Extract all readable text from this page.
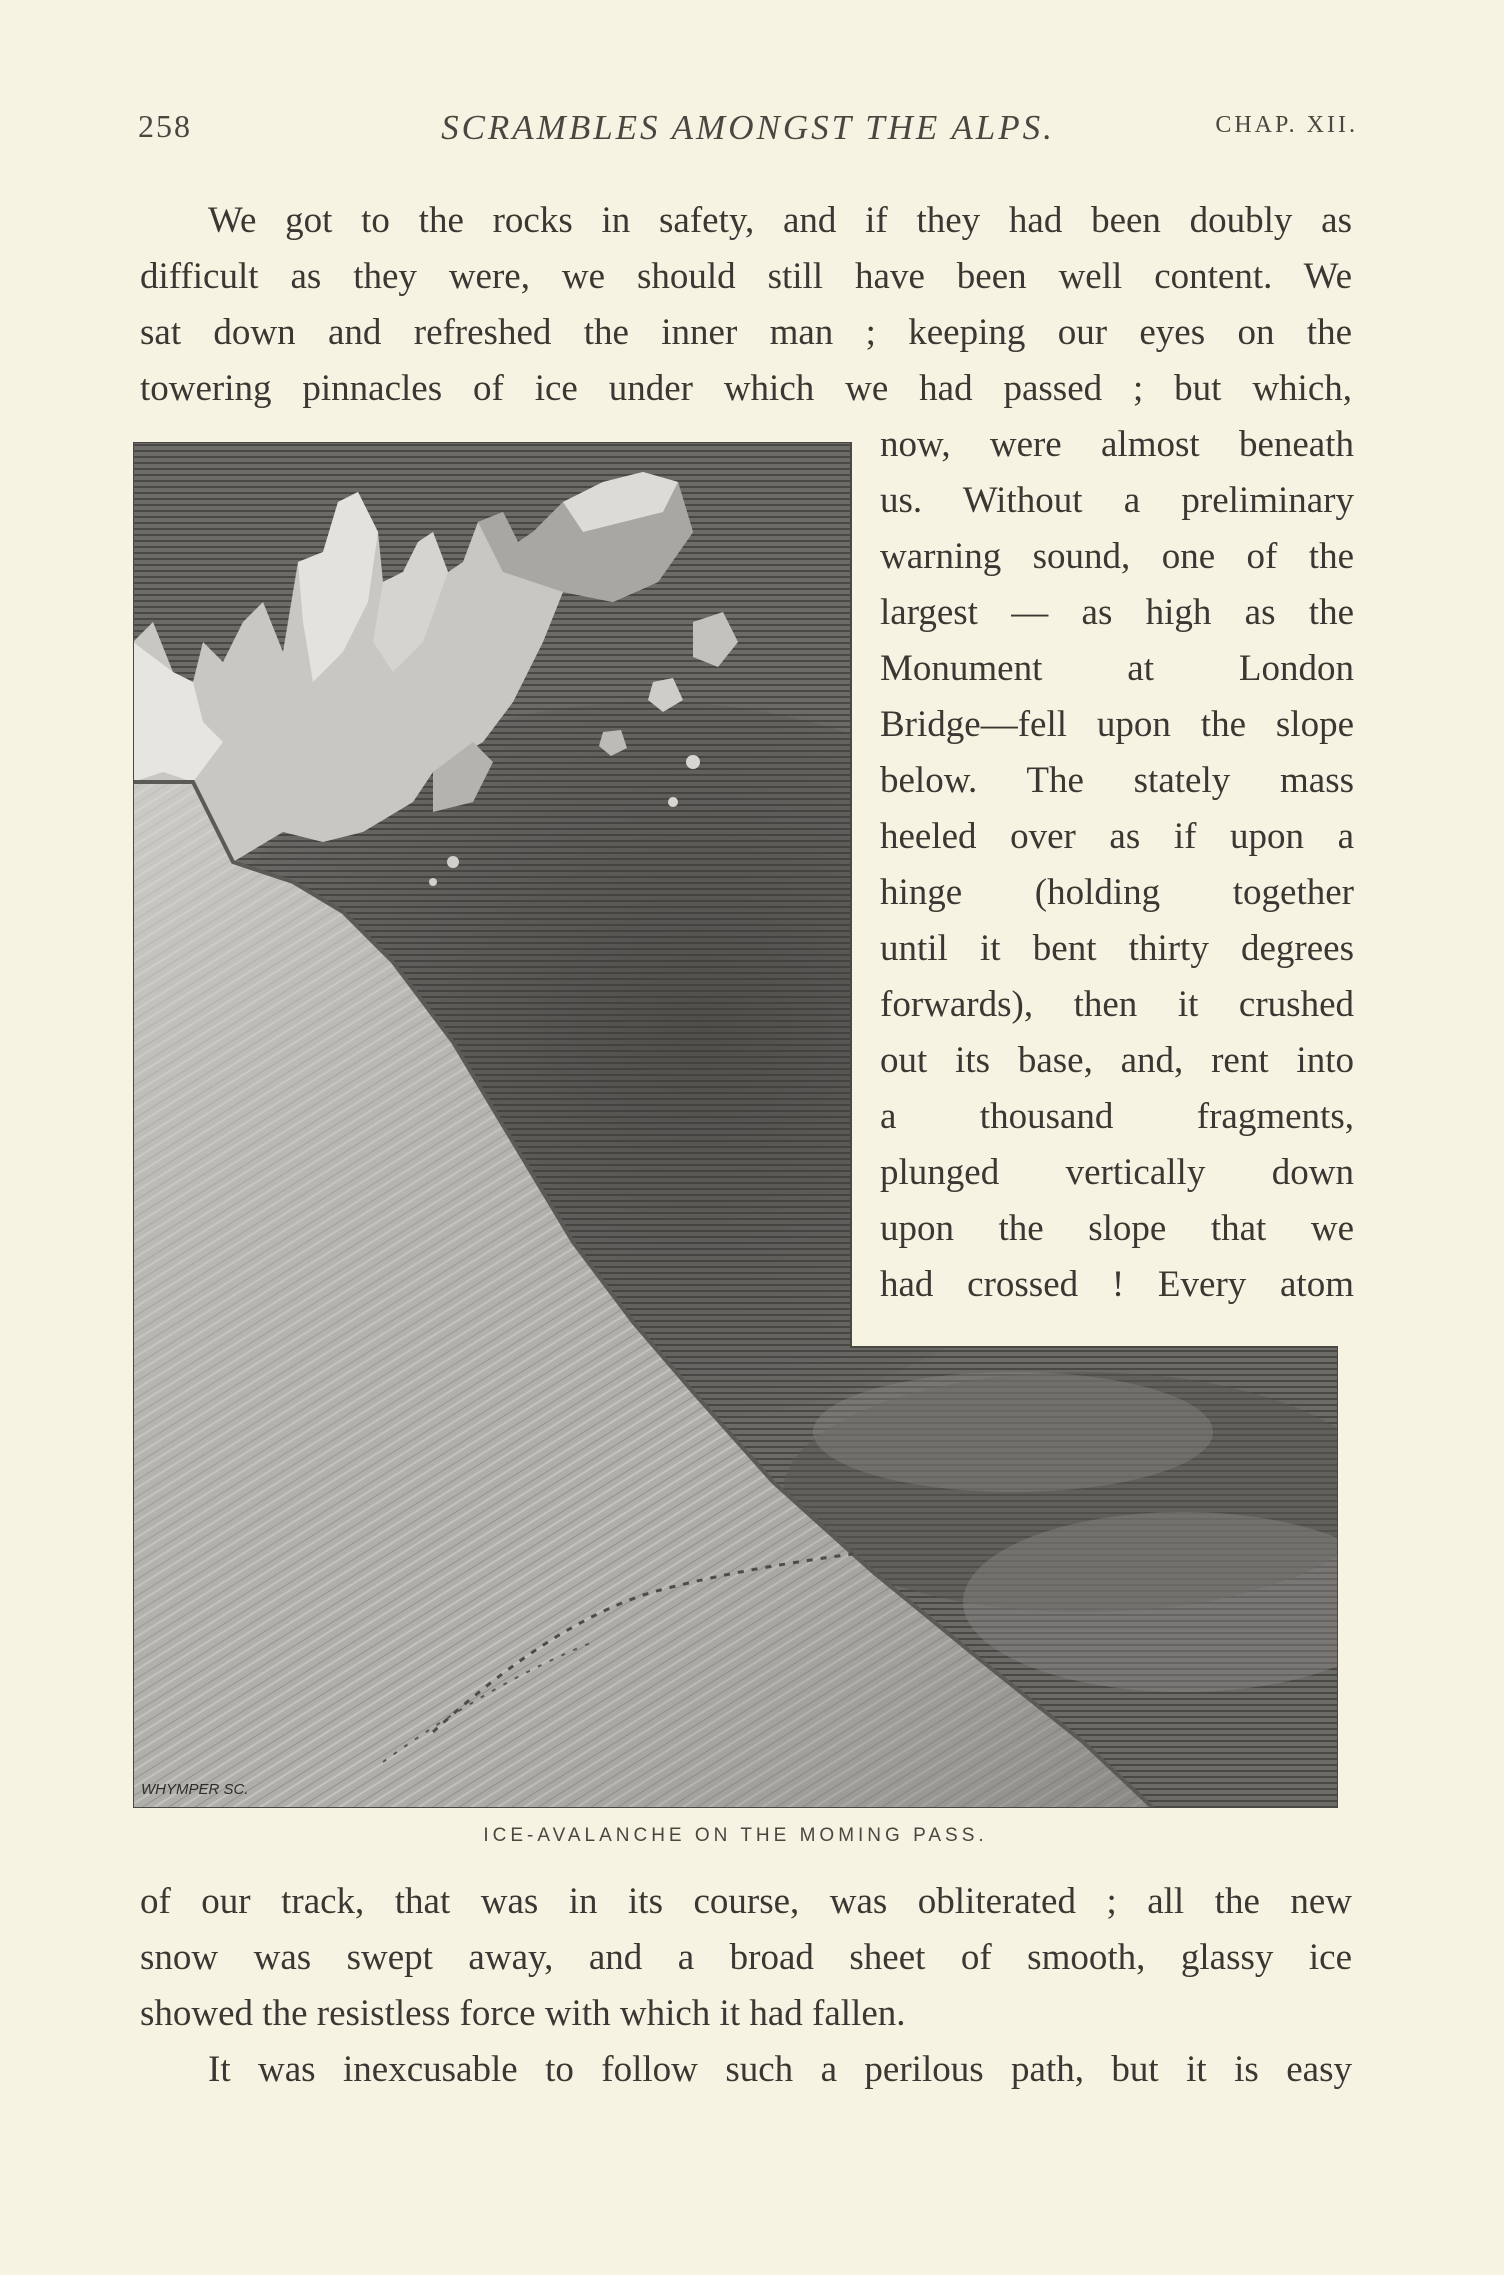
SCRAMBLES AMONGST THE ALPS.
258	CHAP. XII.
We got to the rocks in safety, and if they had been doubly as
difficult as they were, we should still have been well content. We
sat down and refreshed the inner man ; keeping our eyes on the
towering pinnacles of ice under which we had passed ; but which,
now, were almost beneath
us. Without a preliminary
warning sound, one of the
largest — as high as the
Monument at London
Bridge—fell upon the slope
below. The stately mass
heeled over as if upon a
hinge (holding together
until it bent thirty degrees
forwards), then it crushed
out its base, and, rent into
a thousand fragments,
plunged vertically down
upon the slope that we
had crossed ! Every atom
WHYMPER SC.
ICE-AVALANCHE ON THE MOMING PASS.
of our track, that was in its course, was obliterated ; all the new
snow was swept away, and a broad sheet of smooth, glassy ice
showed the resistless force with which it had fallen.
It was inexcusable to follow such a perilous path, but it is easy
